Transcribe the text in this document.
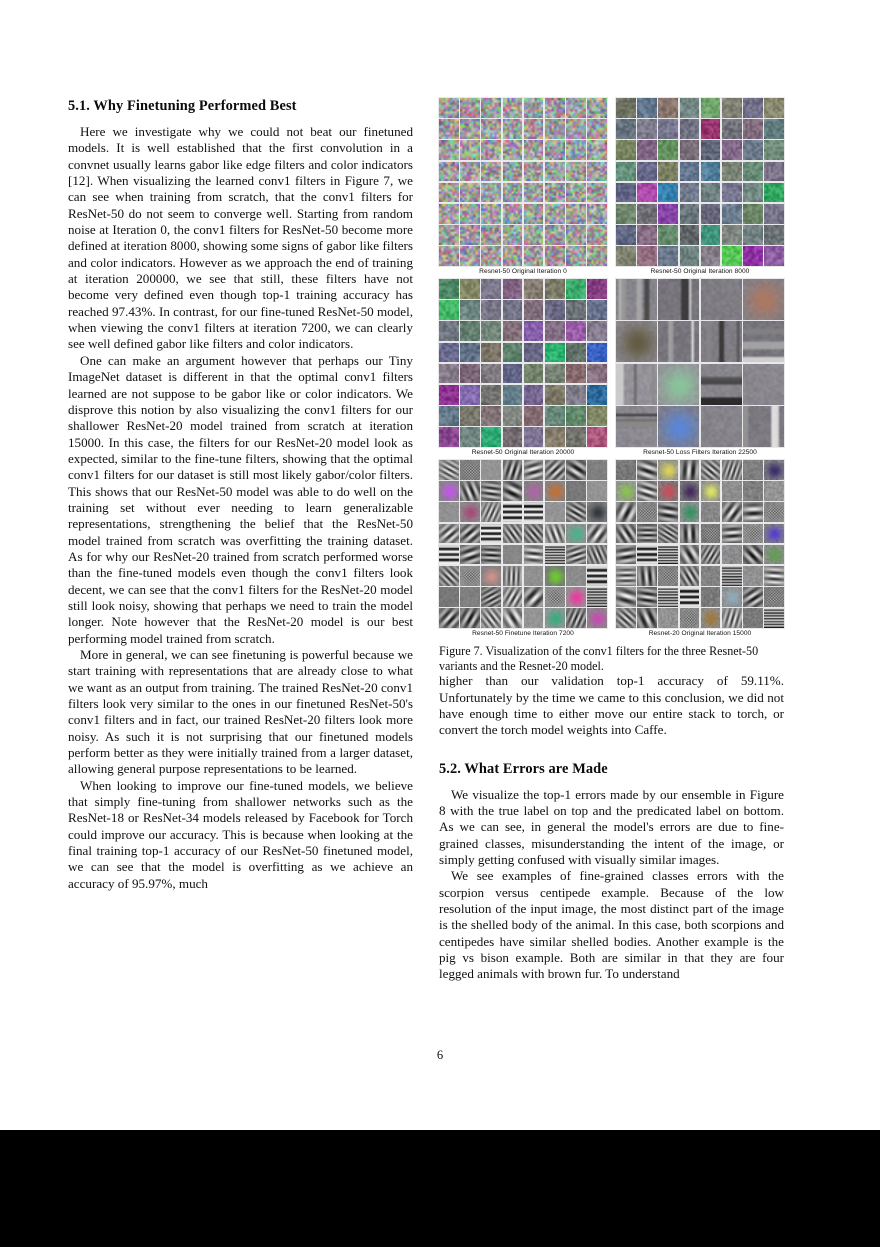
5.1. Why Finetuning Performed Best

Here we investigate why we could not beat our finetuned models. It is well established that the first convolution in a convnet usually learns gabor like edge filters and color indicators [12]. When visualizing the learned conv1 filters in Figure 7, we can see when training from scratch, that the conv1 filters for ResNet-50 do not seem to converge well. Starting from random noise at Iteration 0, the conv1 filters for ResNet-50 become more defined at iteration 8000, showing some signs of gabor like filters and color indicators. However as we approach the end of training at iteration 200000, we see that still, these filters have not become very defined even though top-1 training accuracy has reached 97.43%. In contrast, for our fine-tuned ResNet-50 model, when viewing the conv1 filters at iteration 7200, we can clearly see well defined gabor like filters and color indicators.

One can make an argument however that perhaps our Tiny ImageNet dataset is different in that the optimal conv1 filters learned are not suppose to be gabor like or color indicators. We disprove this notion by also visualizing the conv1 filters for our shallower ResNet-20 model trained from scratch at iteration 15000. In this case, the filters for our ResNet-20 model look as expected, similar to the fine-tune filters, showing that the optimal conv1 filters for our dataset is still most likely gabor/color filters. This shows that our ResNet-50 model was able to do well on the training set without ever needing to learn generalizable representations, strengthening the belief that the ResNet-50 model trained from scratch was overfitting the training dataset. As for why our ResNet-20 trained from scratch performed worse than the fine-tuned models even though the conv1 filters look decent, we can see that the conv1 filters for the ResNet-20 model still look noisy, showing that perhaps we need to train the model longer. Note however that the ResNet-20 model is our best performing model trained from scratch.

More in general, we can see finetuning is powerful because we start training with representations that are already close to what we want as an output from training. The trained ResNet-20 conv1 filters look very similar to the ones in our finetuned ResNet-50's conv1 filters and in fact, our trained ResNet-20 filters look more noisy. As such it is not surprising that our finetuned models perform better as they were initially trained from a larger dataset, allowing general purpose representations to be learned.

When looking to improve our fine-tuned models, we believe that simply fine-tuning from shallower networks such as the ResNet-18 or ResNet-34 models released by Facebook for Torch could improve our accuracy. This is because when looking at the final training top-1 accuracy of our ResNet-50 finetuned model, we can see that the model is overfitting as we achieve an accuracy of 95.97%, much

Resnet-50 Original Iteration 0	Resnet-50 Original Iteration 8000
Resnet-50 Original Iteration 20000	Resnet-50 Loss Filters Iteration 22500
Resnet-50 Finetune Iteration 7200	Resnet-20 Original Iteration 15000
Figure 7. Visualization of the conv1 filters for the three Resnet-50 variants and the Resnet-20 model.

higher than our validation top-1 accuracy of 59.11%. Unfortunately by the time we came to this conclusion, we did not have enough time to either move our entire stack to torch, or convert the torch model weights into Caffe.

5.2. What Errors are Made

We visualize the top-1 errors made by our ensemble in Figure 8 with the true label on top and the predicated label on bottom. As we can see, in general the model's errors are due to fine-grained classes, misunderstanding the intent of the image, or simply getting confused with visually similar images.

We see examples of fine-grained classes errors with the scorpion versus centipede example. Because of the low resolution of the input image, the most distinct part of the image is the shelled body of the animal. In this case, both scorpions and centipedes have similar shelled bodies. Another example is the pig vs bison example. Both are similar in that they are four legged animals with brown fur. To understand

6
